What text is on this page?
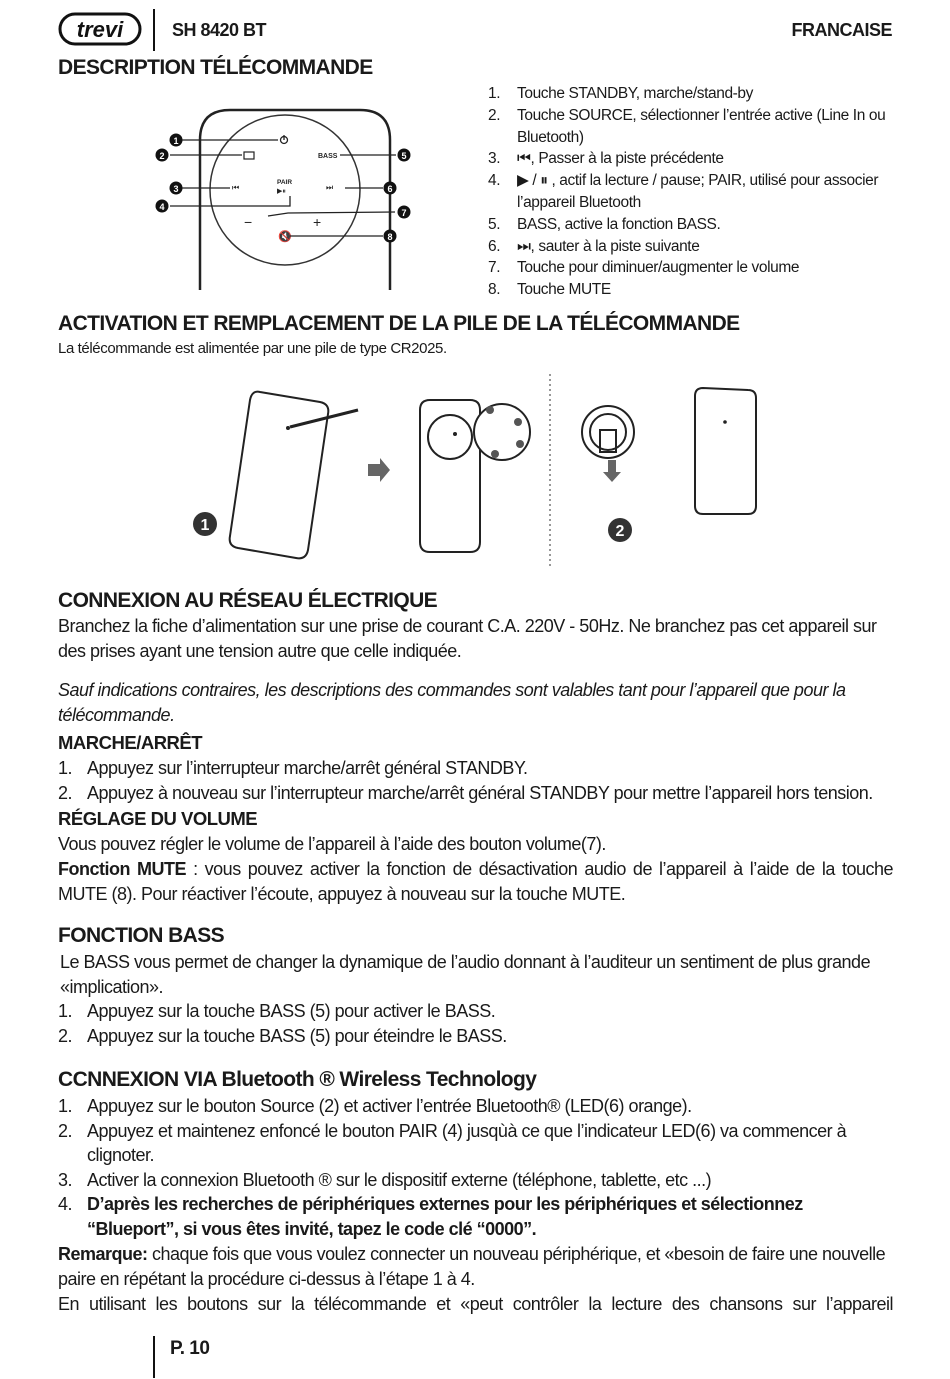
trevi	SH 8420 BT	FRANCAISE
DESCRIPTION TÉLÉCOMMANDE
BASS
⏮
PAIR
▶⏸	⏭
−	+
🔇
1
2
3
4
5
6
7
8
1.	Touche STANDBY, marche/stand-by
2.	Touche SOURCE, sélectionner l’entrée active (Line In ou Bluetooth)
3.	⏮, Passer à la piste précédente
4.	▶ / ⏸ , actif la lecture / pause; PAIR, utilisé pour associer l’appareil Bluetooth
5.	BASS, active la fonction BASS.
6.	⏭, sauter à la piste suivante
7.	Touche pour diminuer/augmenter le volume
8.	Touche MUTE
ACTIVATION ET REMPLACEMENT DE LA PILE DE LA TÉLÉCOMMANDE

La télécommande est alimentée par une pile de type CR2025.

1	2
CONNEXION AU RÉSEAU ÉLECTRIQUE

Branchez la fiche d’alimentation sur une prise de courant C.A. 220V - 50Hz. Ne branchez pas cet appareil sur des prises ayant une tension autre que celle indiquée.

Sauf indications contraires, les descriptions des commandes sont valables tant pour l’appareil que pour la télécommande.

MARCHE/ARRÊT
1. Appuyez sur l’interrupteur marche/arrêt général STANDBY.
2. Appuyez à nouveau sur l’interrupteur marche/arrêt général STANDBY pour mettre l’appareil hors tension.
RÉGLAGE DU VOLUME

Vous pouvez régler le volume de l’appareil à l’aide des bouton volume(7).

Fonction MUTE : vous pouvez activer la fonction de désactivation audio de l’appareil à l’aide de la touche MUTE (8). Pour réactiver l’écoute, appuyez à nouveau sur la touche MUTE.

FONCTION BASS

Le BASS vous permet de changer la dynamique de l’audio donnant à l’auditeur un sentiment de plus grande «implication».

1. Appuyez sur la touche BASS (5) pour activer le BASS.
2. Appuyez sur la touche BASS (5) pour éteindre le BASS.
CCNNEXION VIA Bluetooth ® Wireless Technology
1. Appuyez sur le bouton Source (2) et activer l’entrée Bluetooth® (LED(6) orange).
2. Appuyez et maintenez enfoncé le bouton PAIR (4) jusqùà ce que l’indicateur LED(6) va commencer à clignoter.
3. Activer la connexion Bluetooth ® sur le dispositif externe (téléphone, tablette, etc ...)
4. D’après les recherches de périphériques externes pour les périphériques et sélectionnez “Blueport”, si vous êtes invité, tapez le code clé “0000”.

Remarque: chaque fois que vous voulez connecter un nouveau périphérique, et «besoin de faire une nouvelle paire en répétant la procédure ci-dessus à l’étape 1 à 4.

En utilisant les boutons sur la télécommande et «peut contrôler la lecture des chansons sur l’appareil

P. 10
